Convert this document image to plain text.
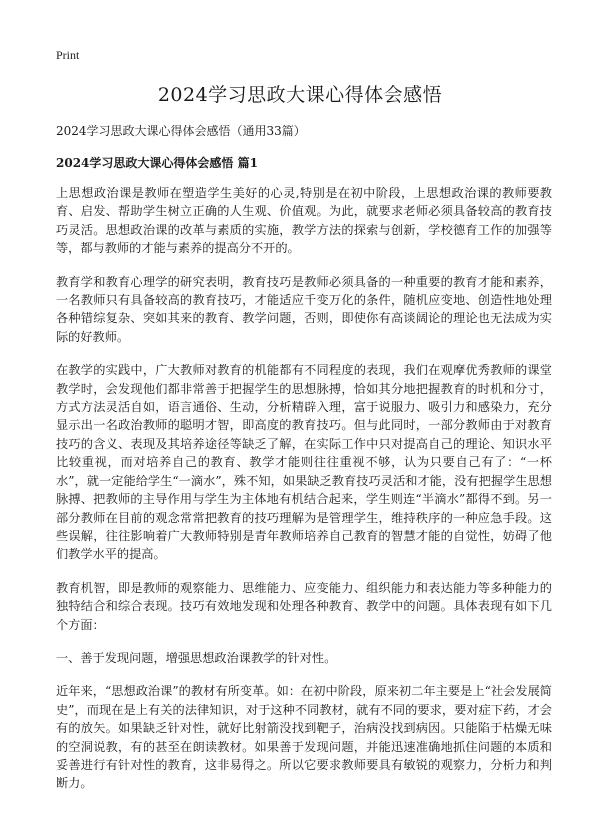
Print
2024学习思政大课心得体会感悟
2024学习思政大课心得体会感悟（通用33篇）
2024学习思政大课心得体会感悟 篇1

上思想政治课是教师在塑造学生美好的心灵,特别是在初中阶段，上思想政治课的教师要教育、启发、帮助学生树立正确的人生观、价值观。为此，就要求老师必须具备较高的教育技巧灵活。思想政治课的改革与素质的实施，教学方法的探索与创新，学校德育工作的加强等等，都与教师的才能与素养的提高分不开的。

教育学和教育心理学的研究表明，教育技巧是教师必须具备的一种重要的教育才能和素养，一名教师只有具备较高的教育技巧，才能适应千变万化的条件，随机应变地、创造性地处理各种错综复杂、突如其来的教育、教学问题，否则，即使你有高谈阔论的理论也无法成为实际的好教师。

在教学的实践中，广大教师对教育的机能都有不同程度的表现，我们在观摩优秀教师的课堂教学时，会发现他们都非常善于把握学生的思想脉搏，恰如其分地把握教育的时机和分寸，方式方法灵活自如，语言通俗、生动，分析精辟入理，富于说服力、吸引力和感染力，充分显示出一名政治教师的聪明才智，即高度的教育技巧。但与此同时，一部分教师由于对教育技巧的含义、表现及其培养途径等缺乏了解，在实际工作中只对提高自己的理论、知识水平比较重视，而对培养自己的教育、教学才能则往往重视不够，认为只要自己有了：“一杯水”，就一定能给学生“一滴水”，殊不知，如果缺乏教育技巧灵活和才能，没有把握学生思想脉搏、把教师的主导作用与学生为主体地有机结合起来，学生则连“半滴水”都得不到。另一部分教师在目前的观念常常把教育的技巧理解为是管理学生，维持秩序的一种应急手段。这些误解，往往影响着广大教师特别是青年教师培养自己教育的智慧才能的自觉性，妨碍了他们教学水平的提高。

教育机智，即是教师的观察能力、思维能力、应变能力、组织能力和表达能力等多种能力的独特结合和综合表现。技巧有效地发现和处理各种教育、教学中的问题。具体表现有如下几个方面：

一、善于发现问题，增强思想政治课教学的针对性。

近年来，“思想政治课”的教材有所变革。如：在初中阶段，原来初二年主要是上“社会发展简史”，而现在是上有关的法律知识，对于这种不同教材，就有不同的要求，要对症下药，才会有的放矢。如果缺乏针对性，就好比射箭没找到靶子，治病没找到病因。只能陷于枯燥无味的空洞说教，有的甚至在朗读教材。如果善于发现问题，并能迅速准确地抓住问题的本质和妥善进行有针对性的教育，这非易得之。所以它要求教师要具有敏锐的观察力，分析力和判断力。
